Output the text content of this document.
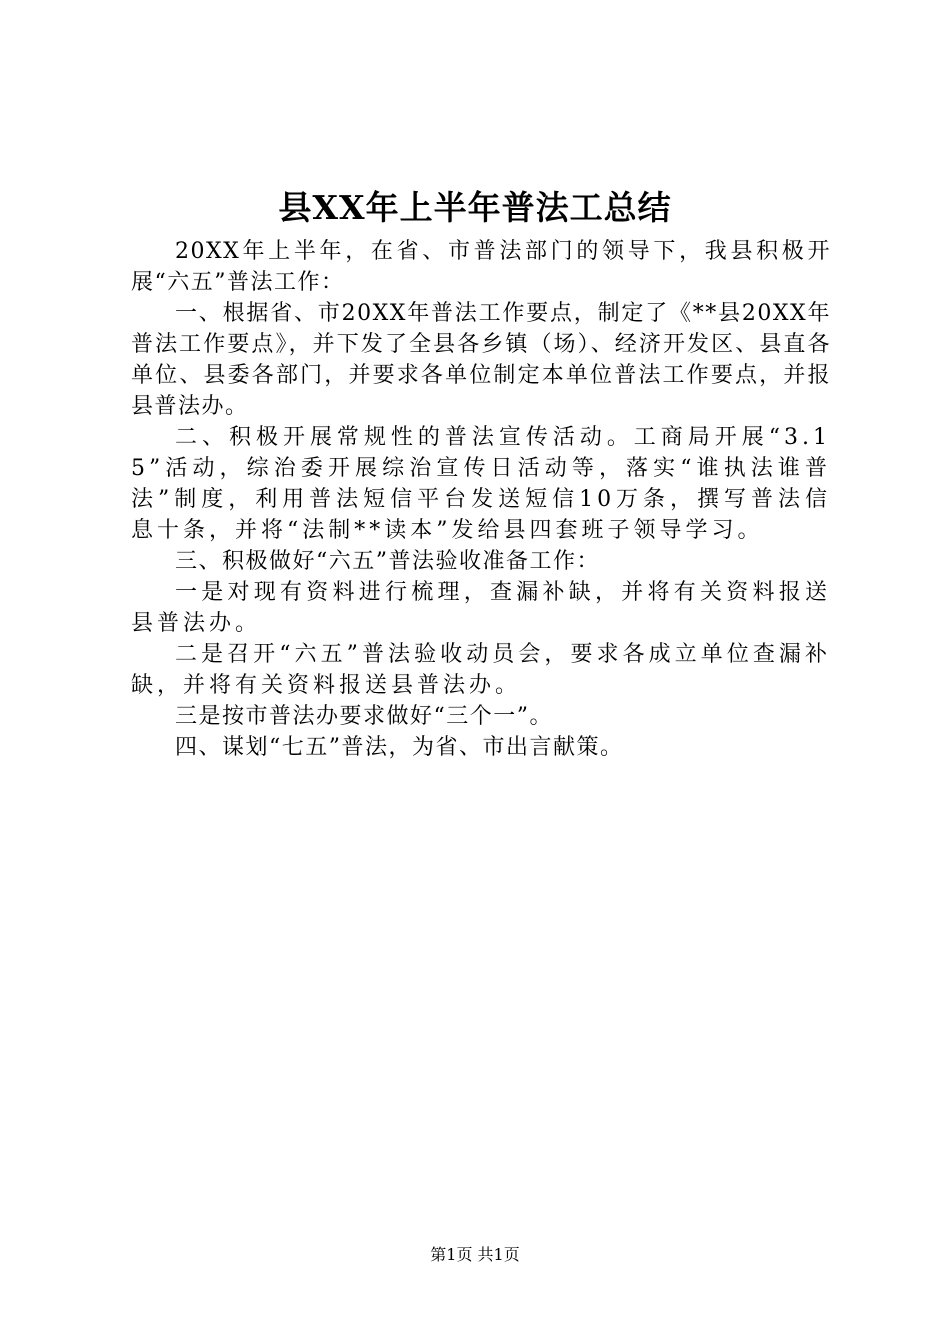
县XX年上半年普法工总结

20XX年上半年，在省、市普法部门的领导下，我县积极开展“六五”普法工作：

一、根据省、市20XX年普法工作要点，制定了《**县20XX年普法工作要点》，并下发了全县各乡镇（场）、经济开发区、县直各单位、县委各部门，并要求各单位制定本单位普法工作要点，并报县普法办。

二、积极开展常规性的普法宣传活动。工商局开展“3.15”活动，综治委开展综治宣传日活动等，落实“谁执法谁普法”制度，利用普法短信平台发送短信10万条，撰写普法信息十条，并将“法制**读本”发给县四套班子领导学习。

三、积极做好“六五”普法验收准备工作：

一是对现有资料进行梳理，查漏补缺，并将有关资料报送县普法办。

二是召开“六五”普法验收动员会，要求各成立单位查漏补缺，并将有关资料报送县普法办。

三是按市普法办要求做好“三个一”。

四、谋划“七五”普法，为省、市出言献策。

第1页 共1页
